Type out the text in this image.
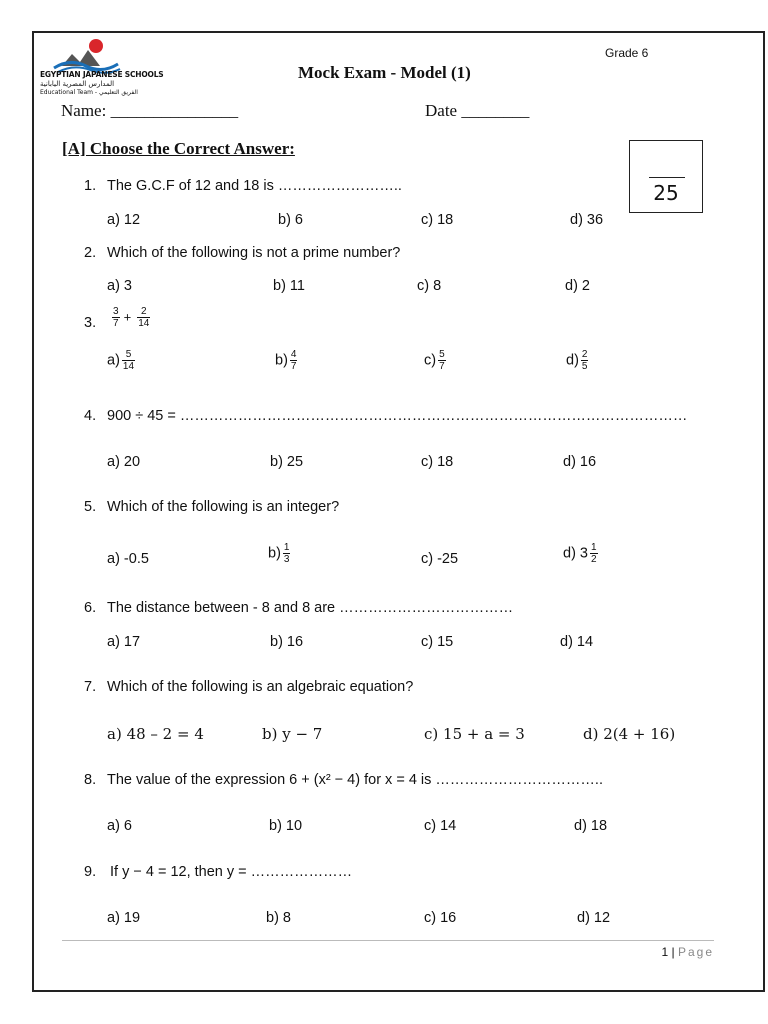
EGYPTIAN JAPANESE SCHOOLS
المدارس المصرية اليابانية
Educational Team - الفريق التعليمي
Mock Exam - Model (1)
Grade 6
Name: _______________	Date ________
[A] Choose the Correct Answer:
25
1. The G.C.F of 12 and 18 is ……………………..
a) 12	b) 6	c) 18	d) 36
2. Which of the following is not a prime number?
a) 3	b) 11	c) 8	d) 2
3. $\frac{3}{7} + \frac{2}{14}$
$a) \frac{5}{14}$	$b) \frac{4}{7}$	$c) \frac{5}{7}$	$d) \frac{2}{5}$
4. 900 ÷ 45 = ……………………………………………………………………………………………
a) 20	b) 25	c) 18	d) 16
5. Which of the following is an integer?
a) -0.5	$b) \frac{1}{3}$	c) -25	d) $3 \frac{1}{2}$
6. The distance between - 8 and 8 are ………………………………
a) 17	b) 16	c) 15	d) 14
7. Which of the following is an algebraic equation?
a) 48 – 2 = 4	b) y − 7	c) 15 + a = 3	d) 2(4 + 16)
8. The value of the expression 6 + (x² − 4) for x = 4 is ……………………………..
a) 6	b) 10	c) 14	d) 18
9. If y − 4 = 12, then y = …………………
a) 19	b) 8	c) 16	d) 12
1 | Page
